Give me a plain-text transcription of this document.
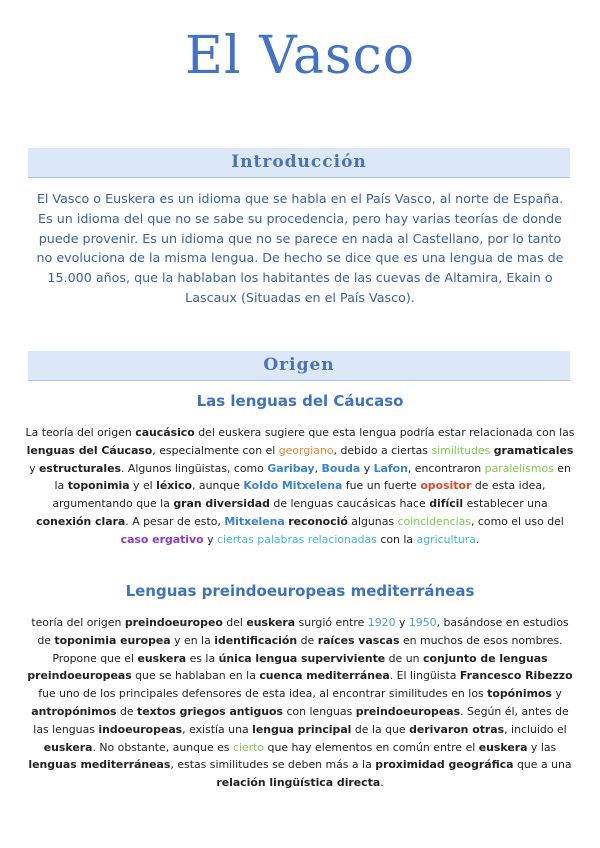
El Vasco
Introducción
El Vasco o Euskera es un idioma que se habla en el País Vasco, al norte de España. Es un idioma del que no se sabe su procedencia, pero hay varias teorías de donde puede provenir. Es un idioma que no se parece en nada al Castellano, por lo tanto no evoluciona de la misma lengua. De hecho se dice que es una lengua de mas de 15.000 años, que la hablaban los habitantes de las cuevas de Altamira, Ekain o Lascaux (Situadas en el País Vasco).
Origen
Las lenguas del Cáucaso
La teoría del origen caucásico del euskera sugiere que esta lengua podría estar relacionada con las lenguas del Cáucaso, especialmente con el georgiano, debido a ciertas similitudes gramaticales y estructurales. Algunos lingüistas, como Garibay, Bouda y Lafon, encontraron paralelismos en la toponimia y el léxico, aunque Koldo Mitxelena fue un fuerte opositor de esta idea, argumentando que la gran diversidad de lenguas caucásicas hace difícil establecer una conexión clara. A pesar de esto, Mitxelena reconoció algunas coincidencias, como el uso del caso ergativo y ciertas palabras relacionadas con la agricultura.
Lenguas preindoeuropeas mediterráneas
teoría del origen preindoeuropeo del euskera surgió entre 1920 y 1950, basándose en estudios de toponimia europea y en la identificación de raíces vascas en muchos de esos nombres. Propone que el euskera es la única lengua superviviente de un conjunto de lenguas preindoeuropeas que se hablaban en la cuenca mediterránea. El lingüista Francesco Ribezzo fue uno de los principales defensores de esta idea, al encontrar similitudes en los topónimos y antropónimos de textos griegos antiguos con lenguas preindoeuropeas. Según él, antes de las lenguas indoeuropeas, existía una lengua principal de la que derivaron otras, incluido el euskera. No obstante, aunque es cierto que hay elementos en común entre el euskera y las lenguas mediterráneas, estas similitudes se deben más a la proximidad geográfica que a una relación lingüística directa.
